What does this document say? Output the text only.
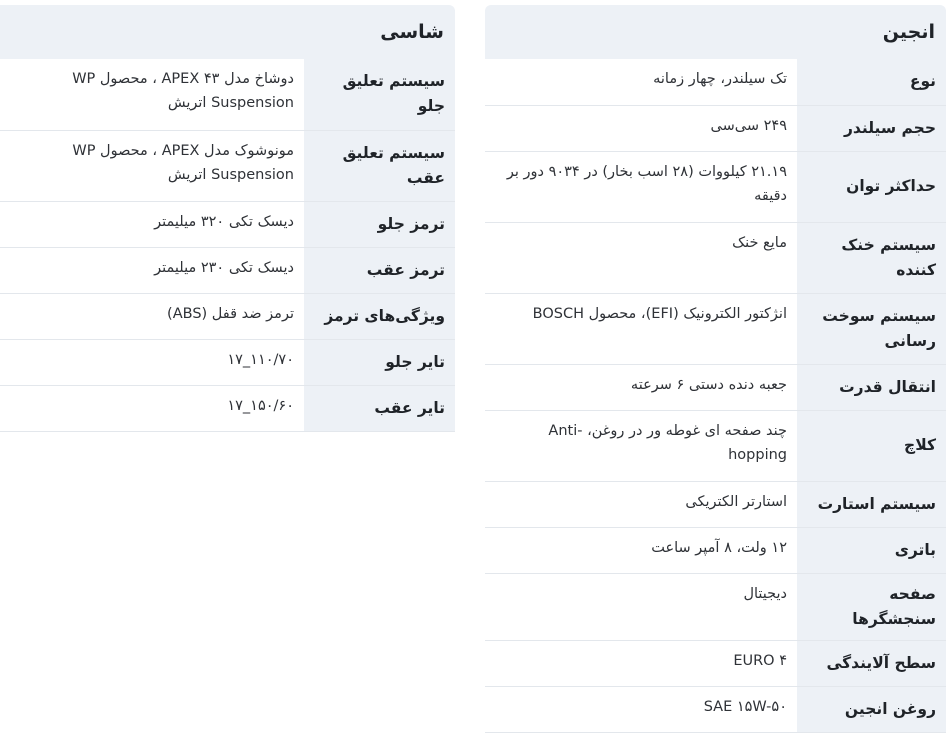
انجین
نوع	تک سیلندر، چهار زمانه
حجم سیلندر	۲۴۹ سی‌سی
حداکثر توان	۲۱.۱۹ کیلووات (۲۸ اسب بخار) در ۹۰۳۴ دور بر دقیقه
سیستم خنک کننده	مایع خنک
سیستم سوخت رسانی	انژکتور الکترونیک (EFI)، محصول BOSCH
انتقال قدرت	جعبه دنده دستی ۶ سرعته
کلاچ	چند صفحه ای غوطه ور در روغن، Anti-hopping
سیستم استارت	استارتر الکتریکی
باتری	۱۲ ولت، ۸ آمپر ساعت
صفحه سنجشگرها	دیجیتال
سطح آلایندگی	EURO ۴
روغن انجین	SAE ۱۵W-۵۰
شاسی
سیستم تعلیق جلو	دوشاخ مدل APEX ۴۳ ، محصول WP Suspension اتریش
سیستم تعلیق عقب	مونوشوک مدل APEX ، محصول WP Suspension اتریش
ترمز جلو	دیسک تکی ۳۲۰ میلیمتر
ترمز عقب	دیسک تکی ۲۳۰ میلیمتر
ویژگی‌های ترمز	ترمز ضد قفل (ABS)
تایر جلو	۱۱۰/۷۰_۱۷
تایر عقب	۱۵۰/۶۰_۱۷
